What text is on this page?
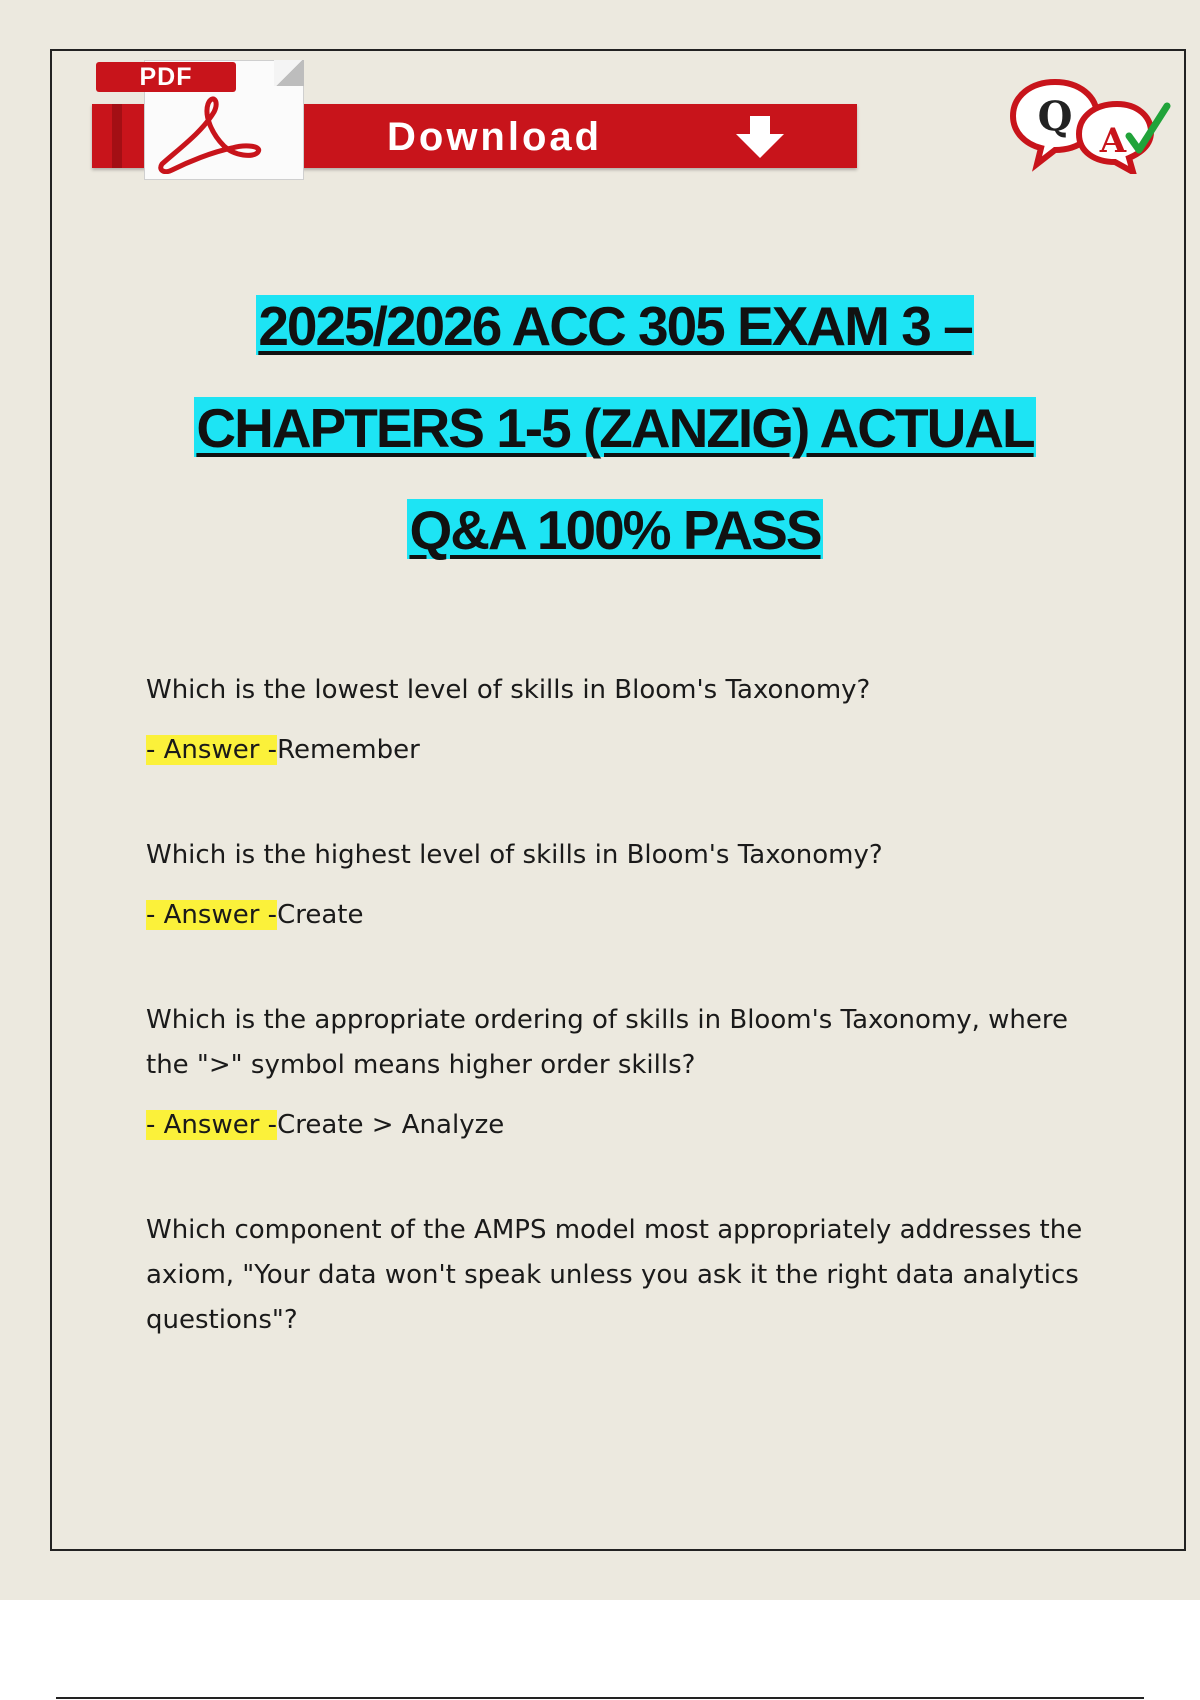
PDF
Download	Q
A
2025/2026 ACC 305 EXAM 3 –
CHAPTERS 1-5 (ZANZIG) ACTUAL
Q&A 100% PASS

Which is the lowest level of skills in Bloom's Taxonomy?

- Answer -Remember

Which is the highest level of skills in Bloom's Taxonomy?

- Answer -Create

Which is the appropriate ordering of skills in Bloom's Taxonomy, where the ">" symbol means higher order skills?

- Answer -Create > Analyze

Which component of the AMPS model most appropriately addresses the axiom, "Your data won't speak unless you ask it the right data analytics questions"?
